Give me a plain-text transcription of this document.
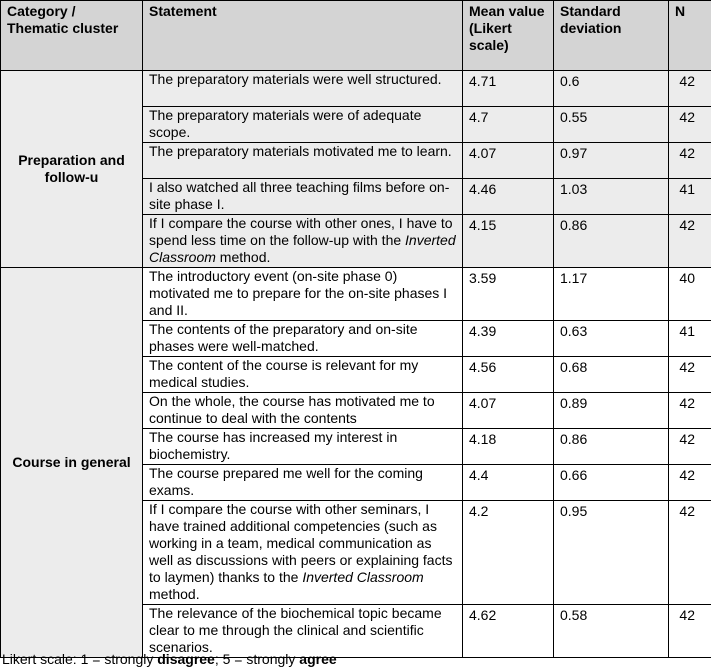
Category / Thematic cluster	Statement	Mean value (Likert scale)	Standard deviation	N
Preparation and follow-u	The preparatory materials were well structured.	4.71	0.6	42
	The preparatory materials were of adequate scope.	4.7	0.55	42
	The preparatory materials motivated me to learn.	4.07	0.97	42
	I also watched all three teaching films before on-site phase I.	4.46	1.03	41
	If I compare the course with other ones, I have to spend less time on the follow-up with the Inverted Classroom method.	4.15	0.86	42
Course in general	The introductory event (on-site phase 0) motivated me to prepare for the on-site phases I and II.	3.59	1.17	40
	The contents of the preparatory and on-site phases were well-matched.	4.39	0.63	41
	The content of the course is relevant for my medical studies.	4.56	0.68	42
	On the whole, the course has motivated me to continue to deal with the contents	4.07	0.89	42
	The course has increased my interest in biochemistry.	4.18	0.86	42
	The course prepared me well for the coming exams.	4.4	0.66	42
	If I compare the course with other seminars, I have trained additional competencies (such as working in a team, medical communication as well as discussions with peers or explaining facts to laymen) thanks to the Inverted Classroom method.	4.2	0.95	42
	The relevance of the biochemical topic became clear to me through the clinical and scientific scenarios.	4.62	0.58	42
Likert scale: 1 = strongly disagree; 5 = strongly agree
